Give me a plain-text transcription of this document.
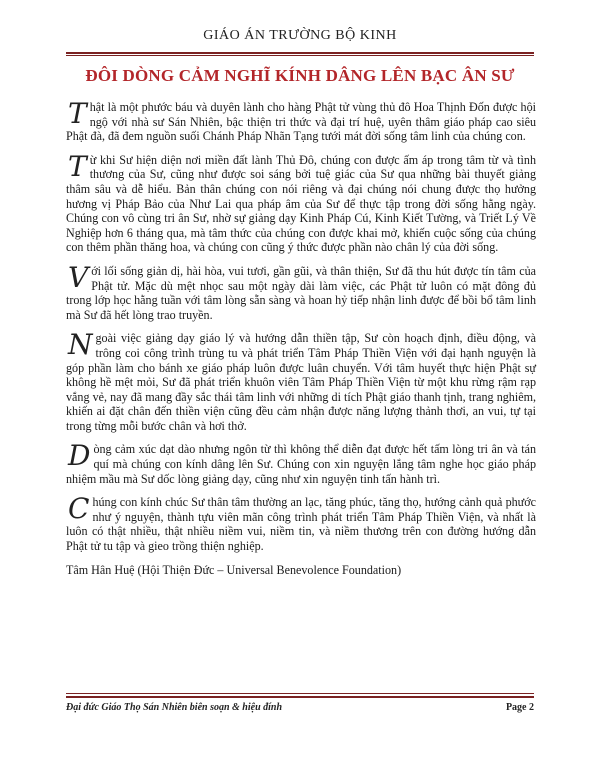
GIÁO ÁN TRƯỜNG BỘ KINH
ĐÔI DÒNG CẢM NGHĨ KÍNH DÂNG LÊN BẠC ÂN SƯ

Thật là một phước báu và duyên lành cho hàng Phật tử vùng thủ đô Hoa Thịnh Đốn được hội ngộ với nhà sư Sán Nhiên, bậc thiện tri thức và đại trí huệ, uyên thâm giáo pháp cao siêu Phật đà, đã đem nguồn suối Chánh Pháp Nhãn Tạng tưới mát đời sống tâm linh của chúng con.

Từ khi Sư hiện diện nơi miền đất lành Thủ Đô, chúng con được ấm áp trong tâm từ và tình thương của Sư, cũng như được soi sáng bởi tuệ giác của Sư qua những bài thuyết giảng thâm sâu và dễ hiểu. Bản thân chúng con nói riêng và đại chúng nói chung được thọ hưởng hương vị Pháp Bảo của Như Lai qua pháp âm của Sư để thực tập trong đời sống hằng ngày. Chúng con vô cùng tri ân Sư, nhờ sự giảng dạy Kinh Pháp Cú, Kinh Kiết Tường, và Triết Lý Về Nghiệp hơn 6 tháng qua, mà tâm thức của chúng con được khai mở, khiến cuộc sống của chúng con thêm phần thăng hoa, và chúng con cũng ý thức được phần nào chân lý của đời sống.

Với lối sống giản dị, hài hòa, vui tươi, gần gũi, và thân thiện, Sư đã thu hút được tín tâm của Phật tử. Mặc dù mệt nhọc sau một ngày dài làm việc, các Phật tử luôn có mặt đông đủ trong lớp học hằng tuần với tâm lòng sẵn sàng và hoan hỷ tiếp nhận linh được để bồi bổ tâm linh mà Sư đã hết lòng trao truyền.

Ngoài việc giảng dạy giáo lý và hướng dẫn thiền tập, Sư còn hoạch định, điều động, và trông coi công trình trùng tu và phát triển Tâm Pháp Thiền Viện với đại hạnh nguyện là góp phần làm cho bánh xe giáo pháp luôn được luân chuyển. Với tâm huyết thực hiện Phật sự không hề mệt mỏi, Sư đã phát triển khuôn viên Tâm Pháp Thiền Viện từ một khu rừng rậm rạp vắng vẻ, nay đã mang đầy sắc thái tâm linh với những di tích Phật giáo thanh tịnh, trang nghiêm, khiến ai đặt chân đến thiền viện cũng đều cảm nhận được năng lượng thảnh thơi, an vui, tự tại trong từng mỗi bước chân và hơi thở.

Dòng cảm xúc dạt dào nhưng ngôn từ thì không thể diễn đạt được hết tấm lòng tri ân và tán quí mà chúng con kính dâng lên Sư. Chúng con xin nguyện lắng tâm nghe học giáo pháp nhiệm mầu mà Sư dốc lòng giảng dạy, cũng như xin nguyện tinh tấn hành trì.

Chúng con kính chúc Sư thân tâm thường an lạc, tăng phúc, tăng thọ, hướng cảnh quả phước như ý nguyện, thành tựu viên mãn công trình phát triển Tâm Pháp Thiền Viện, và nhất là luôn có thật nhiều, thật nhiều niềm vui, niềm tin, và niềm thương trên con đường hướng dẫn Phật tử tu tập và gieo trồng thiện nghiệp.

Tâm Hân Huệ (Hội Thiện Đức – Universal Benevolence Foundation)
Đại đức Giáo Thọ Sán Nhiên biên soạn & hiệu đính	Page 2
